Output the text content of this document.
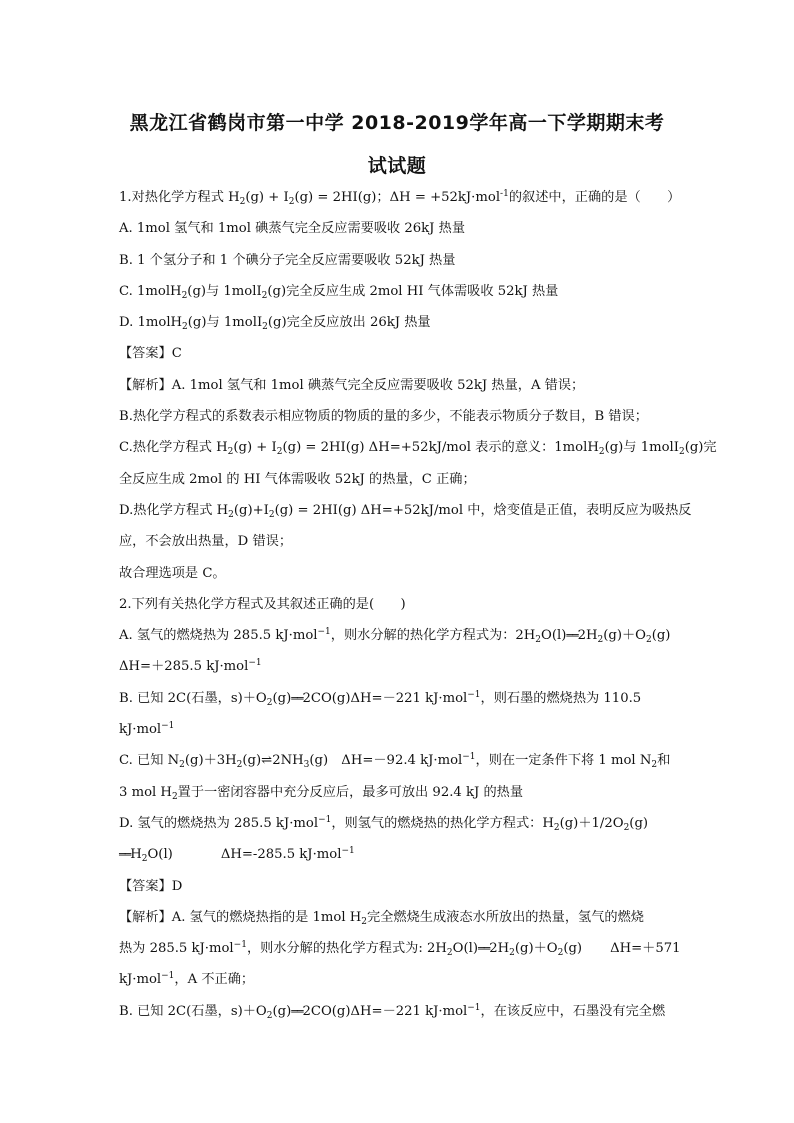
黑龙江省鹤岗市第一中学 2018-2019学年高一下学期期末考
试试题

1.对热化学方程式 $H_2(g) + I_2(g) = 2HI(g)$；ΔH = +52kJ·mol$^{-1}$的叙述中，正确的是（　　）

A. 1mol 氢气和 1mol 碘蒸气完全反应需要吸收 26kJ 热量

B. 1 个氢分子和 1 个碘分子完全反应需要吸收 52kJ 热量

C. 1molH$_2$(g)与 1molI$_2$(g)完全反应生成 2mol HI 气体需吸收 52kJ 热量

D. 1molH$_2$(g)与 1molI$_2$(g)完全反应放出 26kJ 热量

【答案】C

【解析】A. 1mol 氢气和 1mol 碘蒸气完全反应需要吸收 52kJ 热量，A 错误；

B.热化学方程式的系数表示相应物质的物质的量的多少，不能表示物质分子数目，B 错误；

C.热化学方程式 $H_2(g) + I_2(g) = 2HI(g)$ ΔH=+52kJ/mol 表示的意义：1molH$_2$(g)与 1molI$_2$(g)完

全反应生成 2mol 的 HI 气体需吸收 52kJ 的热量，C 正确；

D.热化学方程式 $H_2(g)+I_2(g) = 2HI(g)$ ΔH=+52kJ/mol 中，焓变值是正值，表明反应为吸热反

应，不会放出热量，D 错误；

故合理选项是 C。

2.下列有关热化学方程式及其叙述正确的是(　　)

A. 氢气的燃烧热为 285.5 kJ·mol$^{-1}$，则水分解的热化学方程式为：$2H_2O(l)══2H_2(g)+O_2(g)$

ΔH=＋285.5 kJ·mol$^{-1}$

B. 已知 2C(石墨，$s)+O_2(g)══2CO(g)\Delta H=-221$ kJ·mol$^{-1}$，则石墨的燃烧热为 110.5

kJ·mol$^{-1}$

C. 已知 $N_2(g)+3H_2(g)\rightleftharpoons 2NH_3(g)$　ΔH=－92.4 kJ·mol$^{-1}$，则在一定条件下将 1 mol $N_2$和

3 mol $H_2$置于一密闭容器中充分反应后，最多可放出 92.4 kJ 的热量

D. 氢气的燃烧热为 285.5 kJ·mol$^{-1}$，则氢气的燃烧热的热化学方程式：$H_2(g)+1/2O_2(g)$

$══H_2O(l)$	ΔH=-285.5 kJ·mol$^{-1}$

【答案】D

【解析】A. 氢气的燃烧热指的是 1mol $H_2$完全燃烧生成液态水所放出的热量，氢气的燃烧

热为 285.5 kJ·mol$^{-1}$，则水分解的热化学方程式为: $2H_2O(l)══2H_2(g)+O_2(g)$ ΔH=＋571

kJ·mol$^{-1}$，A 不正确；

B. 已知 2C(石墨，$s)+O_2(g)══2CO(g)\Delta H=-221$ kJ·mol$^{-1}$，在该反应中，石墨没有完全燃
